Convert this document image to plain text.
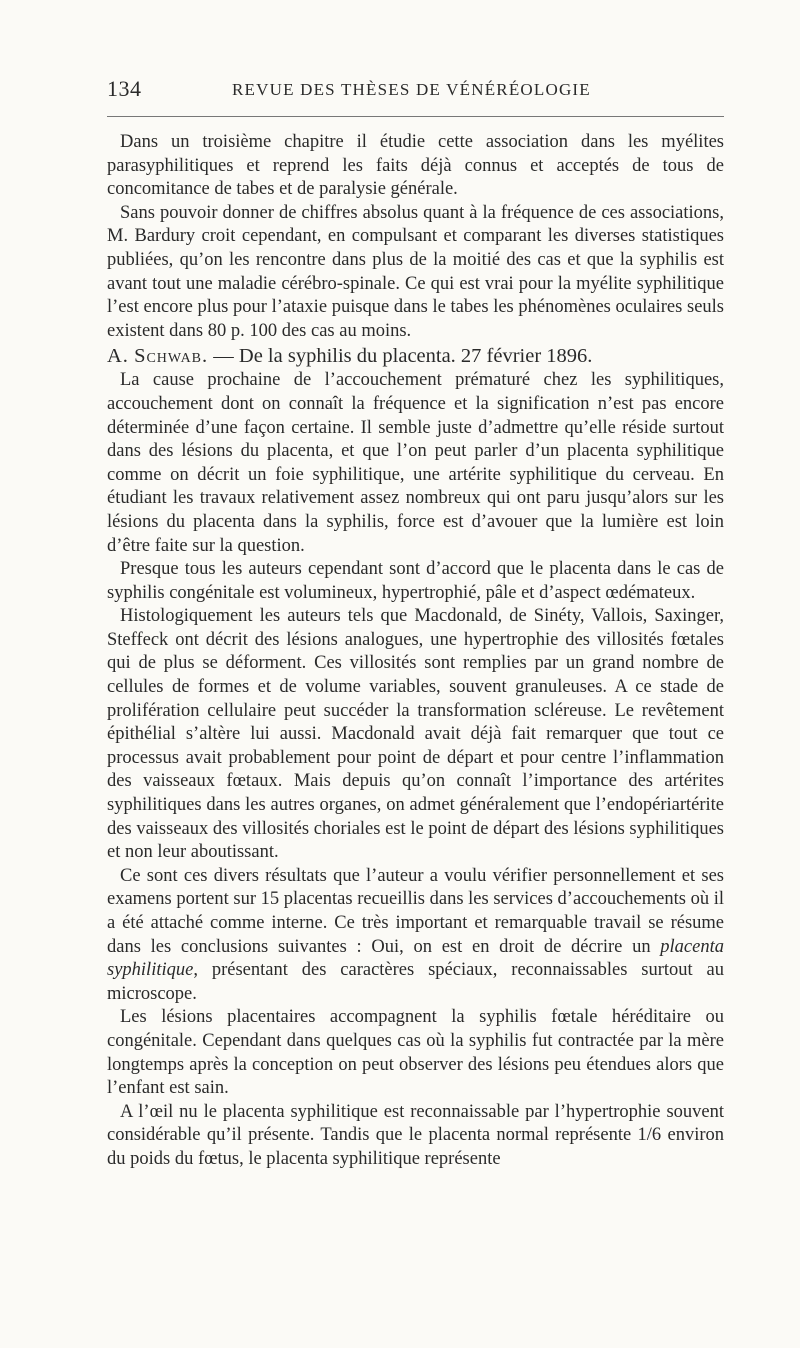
134	REVUE DES THÈSES DE VÉNÉRÉOLOGIE

Dans un troisième chapitre il étudie cette association dans les myélites parasyphilitiques et reprend les faits déjà connus et acceptés de tous de concomitance de tabes et de paralysie générale.

Sans pouvoir donner de chiffres absolus quant à la fréquence de ces associations, M. Bardury croit cependant, en compulsant et comparant les diverses statistiques publiées, qu’on les rencontre dans plus de la moitié des cas et que la syphilis est avant tout une maladie cérébro-spinale. Ce qui est vrai pour la myélite syphilitique l’est encore plus pour l’ataxie puisque dans le tabes les phénomènes oculaires seuls existent dans 80 p. 100 des cas au moins.

A. Schwab. — De la syphilis du placenta. 27 février 1896.

La cause prochaine de l’accouchement prématuré chez les syphilitiques, accouchement dont on connaît la fréquence et la signification n’est pas encore déterminée d’une façon certaine. Il semble juste d’admettre qu’elle réside surtout dans des lésions du placenta, et que l’on peut parler d’un placenta syphilitique comme on décrit un foie syphilitique, une artérite syphilitique du cerveau. En étudiant les travaux relativement assez nombreux qui ont paru jusqu’alors sur les lésions du placenta dans la syphilis, force est d’avouer que la lumière est loin d’être faite sur la question.

Presque tous les auteurs cependant sont d’accord que le placenta dans le cas de syphilis congénitale est volumineux, hypertrophié, pâle et d’aspect œdémateux.

Histologiquement les auteurs tels que Macdonald, de Sinéty, Vallois, Saxinger, Steffeck ont décrit des lésions analogues, une hypertrophie des villosités fœtales qui de plus se déforment. Ces villosités sont remplies par un grand nombre de cellules de formes et de volume variables, souvent granuleuses. A ce stade de prolifération cellulaire peut succéder la transformation scléreuse. Le revêtement épithélial s’altère lui aussi. Macdonald avait déjà fait remarquer que tout ce processus avait probablement pour point de départ et pour centre l’inflammation des vaisseaux fœtaux. Mais depuis qu’on connaît l’importance des artérites syphilitiques dans les autres organes, on admet généralement que l’endopériartérite des vaisseaux des villosités choriales est le point de départ des lésions syphilitiques et non leur aboutissant.

Ce sont ces divers résultats que l’auteur a voulu vérifier personnellement et ses examens portent sur 15 placentas recueillis dans les services d’accouchements où il a été attaché comme interne. Ce très important et remarquable travail se résume dans les conclusions suivantes : Oui, on est en droit de décrire un placenta syphilitique, présentant des caractères spéciaux, reconnaissables surtout au microscope.

Les lésions placentaires accompagnent la syphilis fœtale héréditaire ou congénitale. Cependant dans quelques cas où la syphilis fut contractée par la mère longtemps après la conception on peut observer des lésions peu étendues alors que l’enfant est sain.

A l’œil nu le placenta syphilitique est reconnaissable par l’hypertrophie souvent considérable qu’il présente. Tandis que le placenta normal représente 1/6 environ du poids du fœtus, le placenta syphilitique représente
